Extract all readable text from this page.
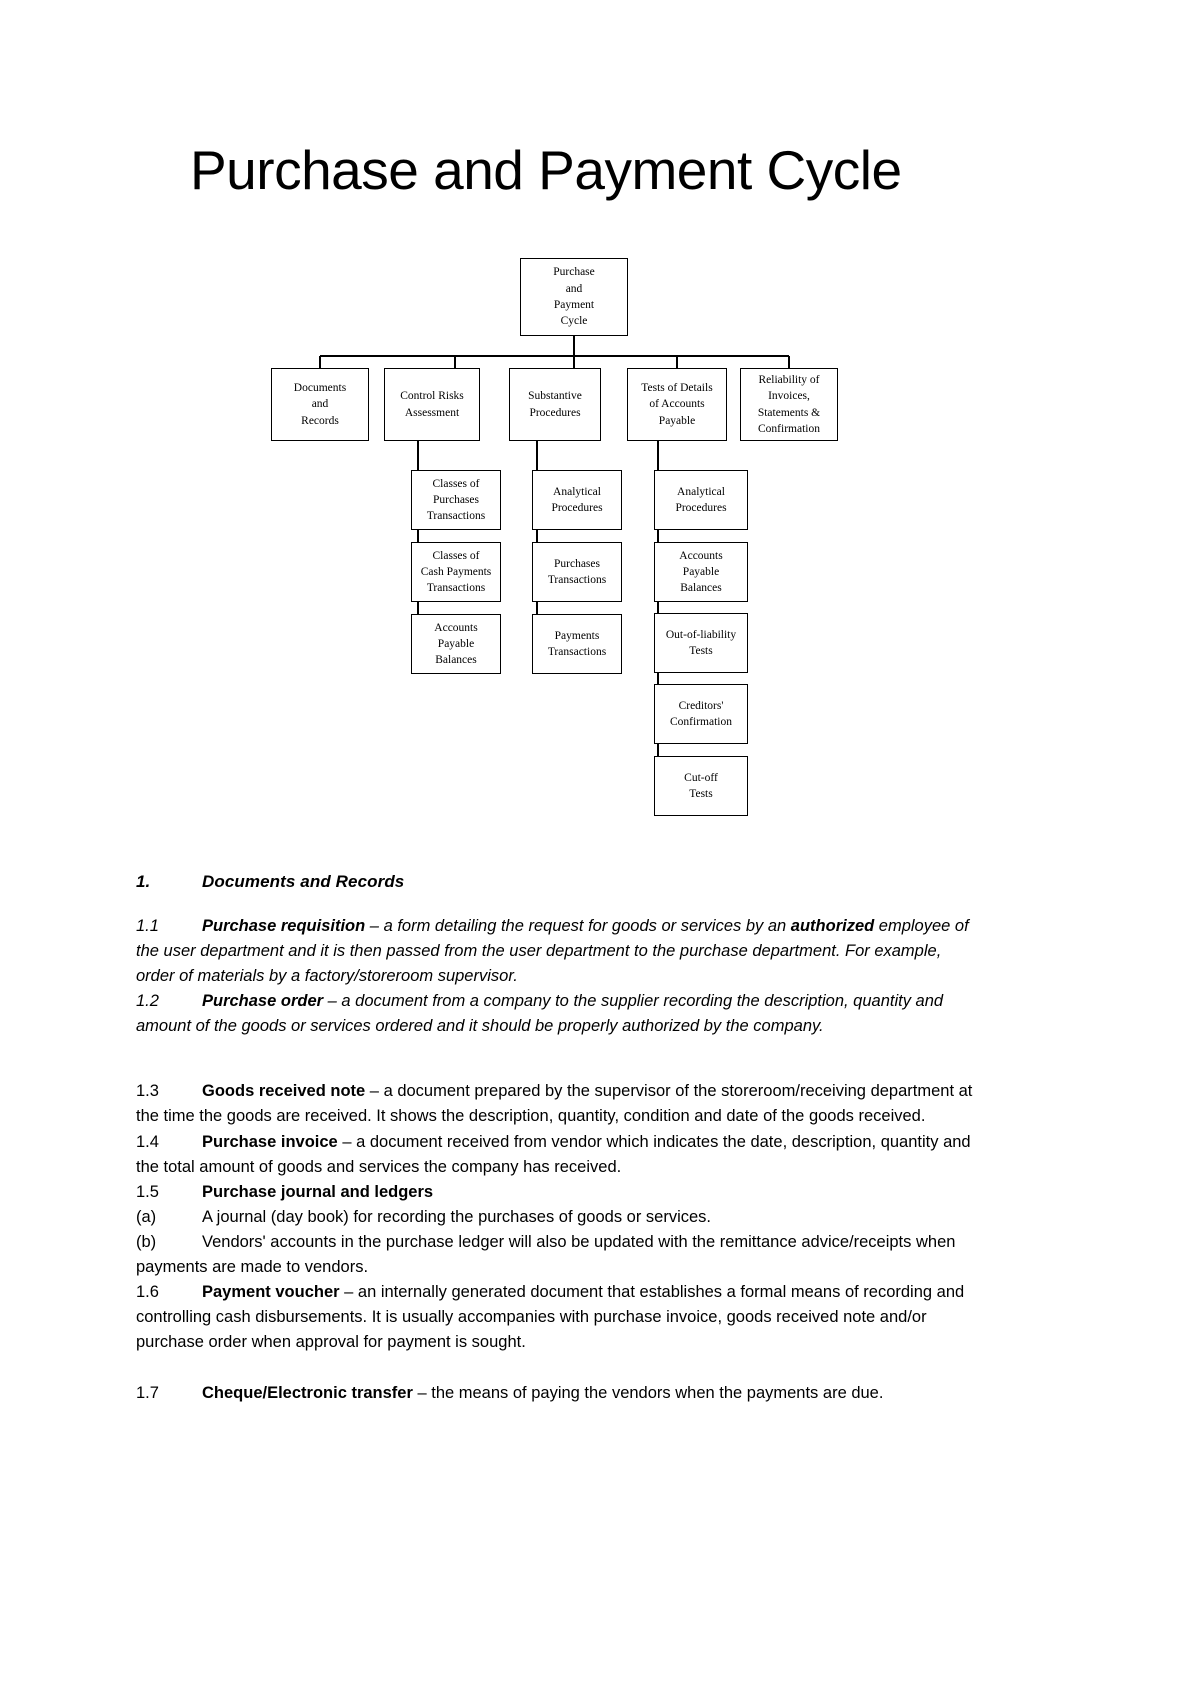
Purchase and Payment Cycle
Purchase
and
Payment
Cycle
Documents
and
Records
Control Risks
Assessment
Substantive
Procedures
Tests of Details
of Accounts
Payable
Reliability of
Invoices,
Statements &
Confirmation
Classes of
Purchases
Transactions
Classes of
Cash Payments
Transactions
Accounts
Payable
Balances
Analytical
Procedures
Purchases
Transactions
Payments
Transactions
Analytical
Procedures
Accounts
Payable
Balances
Out-of-liability
Tests
Creditors'
Confirmation
Cut-off
Tests
1.	Documents and Records

1.1	Purchase requisition – a form detailing the request for goods or services by an authorized employee of the user department and it is then passed from the user department to the purchase department. For example, order of materials by a factory/storeroom supervisor.

1.2	Purchase order – a document from a company to the supplier recording the description, quantity and amount of the goods or services ordered and it should be properly authorized by the company.

1.3	Goods received note – a document prepared by the supervisor of the storeroom/receiving department at the time the goods are received. It shows the description, quantity, condition and date of the goods received.

1.4	Purchase invoice – a document received from vendor which indicates the date, description, quantity and the total amount of goods and services the company has received.

1.5	Purchase journal and ledgers

(a)	A journal (day book) for recording the purchases of goods or services.

(b)	Vendors' accounts in the purchase ledger will also be updated with the remittance advice/receipts when payments are made to vendors.

1.6	Payment voucher – an internally generated document that establishes a formal means of recording and controlling cash disbursements. It is usually accompanies with purchase invoice, goods received note and/or purchase order when approval for payment is sought.

1.7	Cheque/Electronic transfer – the means of paying the vendors when the payments are due.
